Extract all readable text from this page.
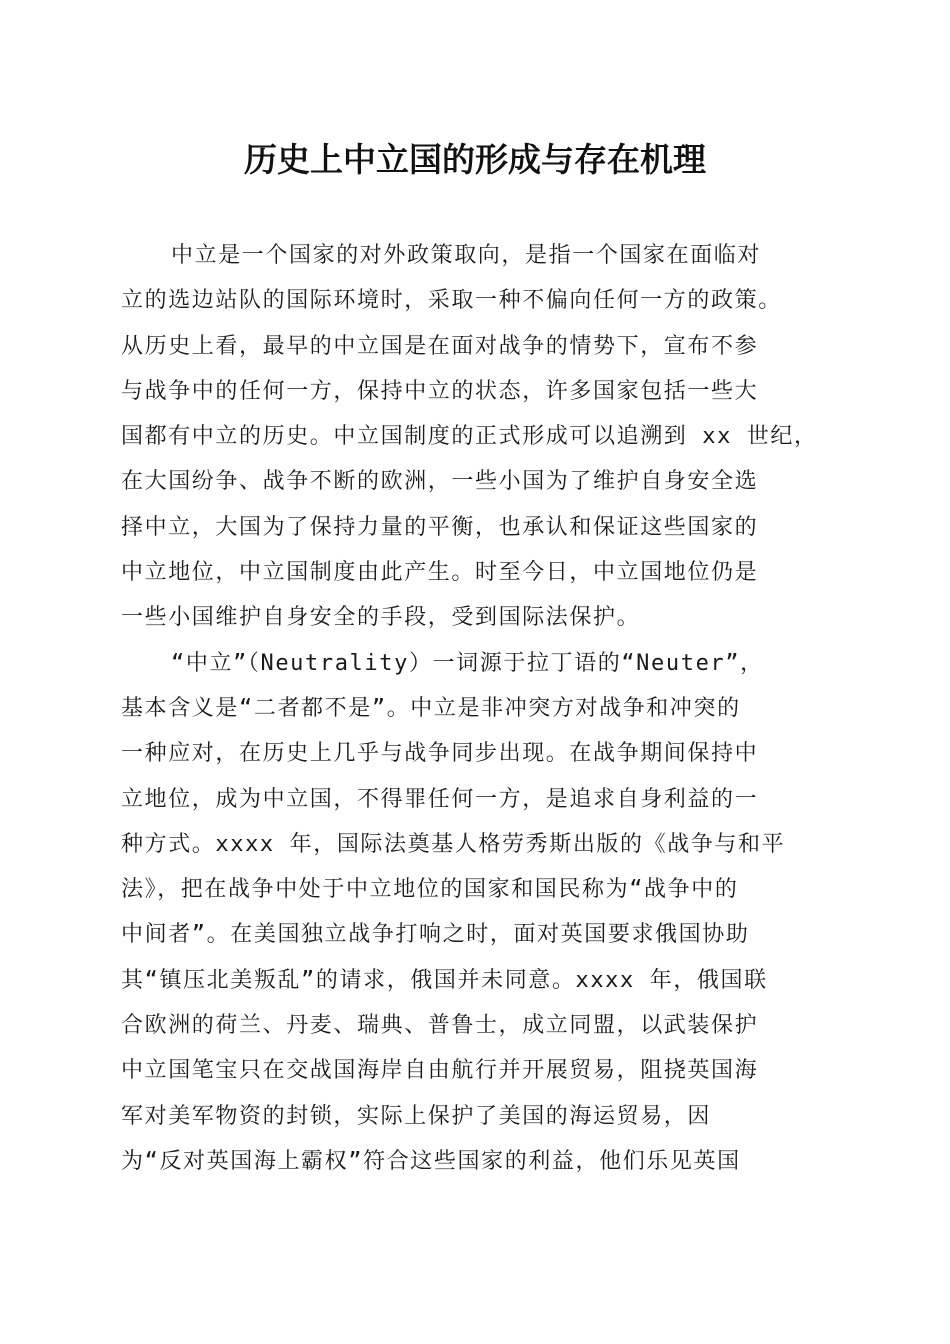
历史上中立国的形成与存在机理
中立是一个国家的对外政策取向，是指一个国家在面临对
立的选边站队的国际环境时，采取一种不偏向任何一方的政策。
从历史上看，最早的中立国是在面对战争的情势下，宣布不参
与战争中的任何一方，保持中立的状态，许多国家包括一些大
国都有中立的历史。中立国制度的正式形成可以追溯到 xx 世纪，
在大国纷争、战争不断的欧洲，一些小国为了维护自身安全选
择中立，大国为了保持力量的平衡，也承认和保证这些国家的
中立地位，中立国制度由此产生。时至今日，中立国地位仍是
一些小国维护自身安全的手段，受到国际法保护。
“中立”（Neutrality）一词源于拉丁语的“Neuter”，
基本含义是“二者都不是”。中立是非冲突方对战争和冲突的
一种应对，在历史上几乎与战争同步出现。在战争期间保持中
立地位，成为中立国，不得罪任何一方，是追求自身利益的一
种方式。xxxx 年，国际法奠基人格劳秀斯出版的《战争与和平
法》，把在战争中处于中立地位的国家和国民称为“战争中的
中间者”。在美国独立战争打响之时，面对英国要求俄国协助
其“镇压北美叛乱”的请求，俄国并未同意。xxxx 年，俄国联
合欧洲的荷兰、丹麦、瑞典、普鲁士，成立同盟，以武装保护
中立国笔宝只在交战国海岸自由航行并开展贸易，阻挠英国海
军对美军物资的封锁，实际上保护了美国的海运贸易，因
为“反对英国海上霸权”符合这些国家的利益，他们乐见英国
